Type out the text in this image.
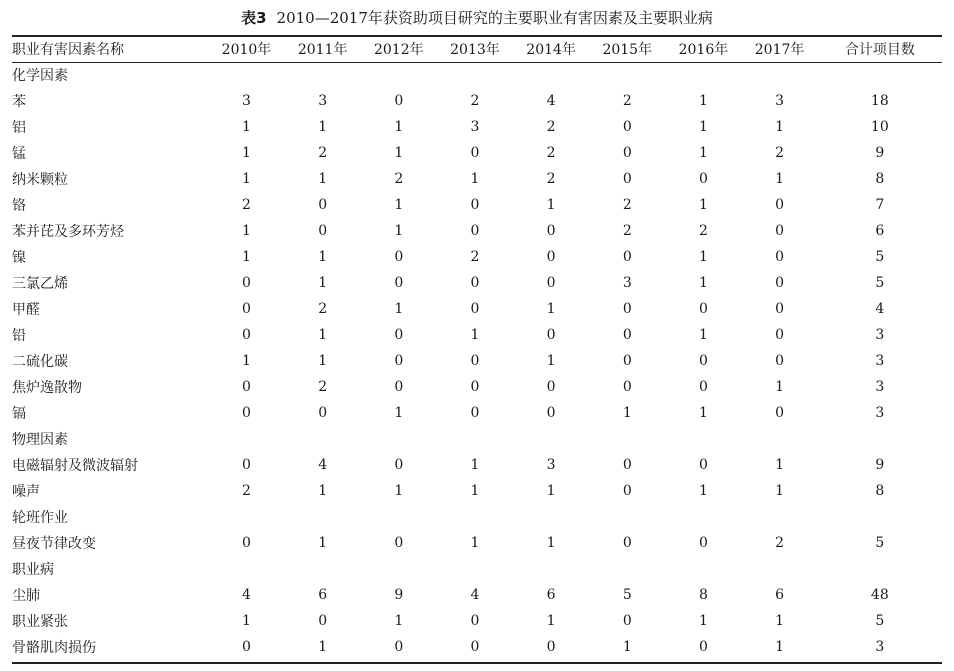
表3 2010—2017年获资助项目研究的主要职业有害因素及主要职业病
职业有害因素名称	2010年	2011年	2012年	2013年	2014年	2015年	2016年	2017年	合计项目数
化学因素									
苯	3	3	0	2	4	2	1	3	18
铝	1	1	1	3	2	0	1	1	10
锰	1	2	1	0	2	0	1	2	9
纳米颗粒	1	1	2	1	2	0	0	1	8
铬	2	0	1	0	1	2	1	0	7
苯并芘及多环芳烃	1	0	1	0	0	2	2	0	6
镍	1	1	0	2	0	0	1	0	5
三氯乙烯	0	1	0	0	0	3	1	0	5
甲醛	0	2	1	0	1	0	0	0	4
铅	0	1	0	1	0	0	1	0	3
二硫化碳	1	1	0	0	1	0	0	0	3
焦炉逸散物	0	2	0	0	0	0	0	1	3
镉	0	0	1	0	0	1	1	0	3
物理因素									
电磁辐射及微波辐射	0	4	0	1	3	0	0	1	9
噪声	2	1	1	1	1	0	1	1	8
轮班作业									
昼夜节律改变	0	1	0	1	1	0	0	2	5
职业病									
尘肺	4	6	9	4	6	5	8	6	48
职业紧张	1	0	1	0	1	0	1	1	5
骨骼肌肉损伤	0	1	0	0	0	1	0	1	3
